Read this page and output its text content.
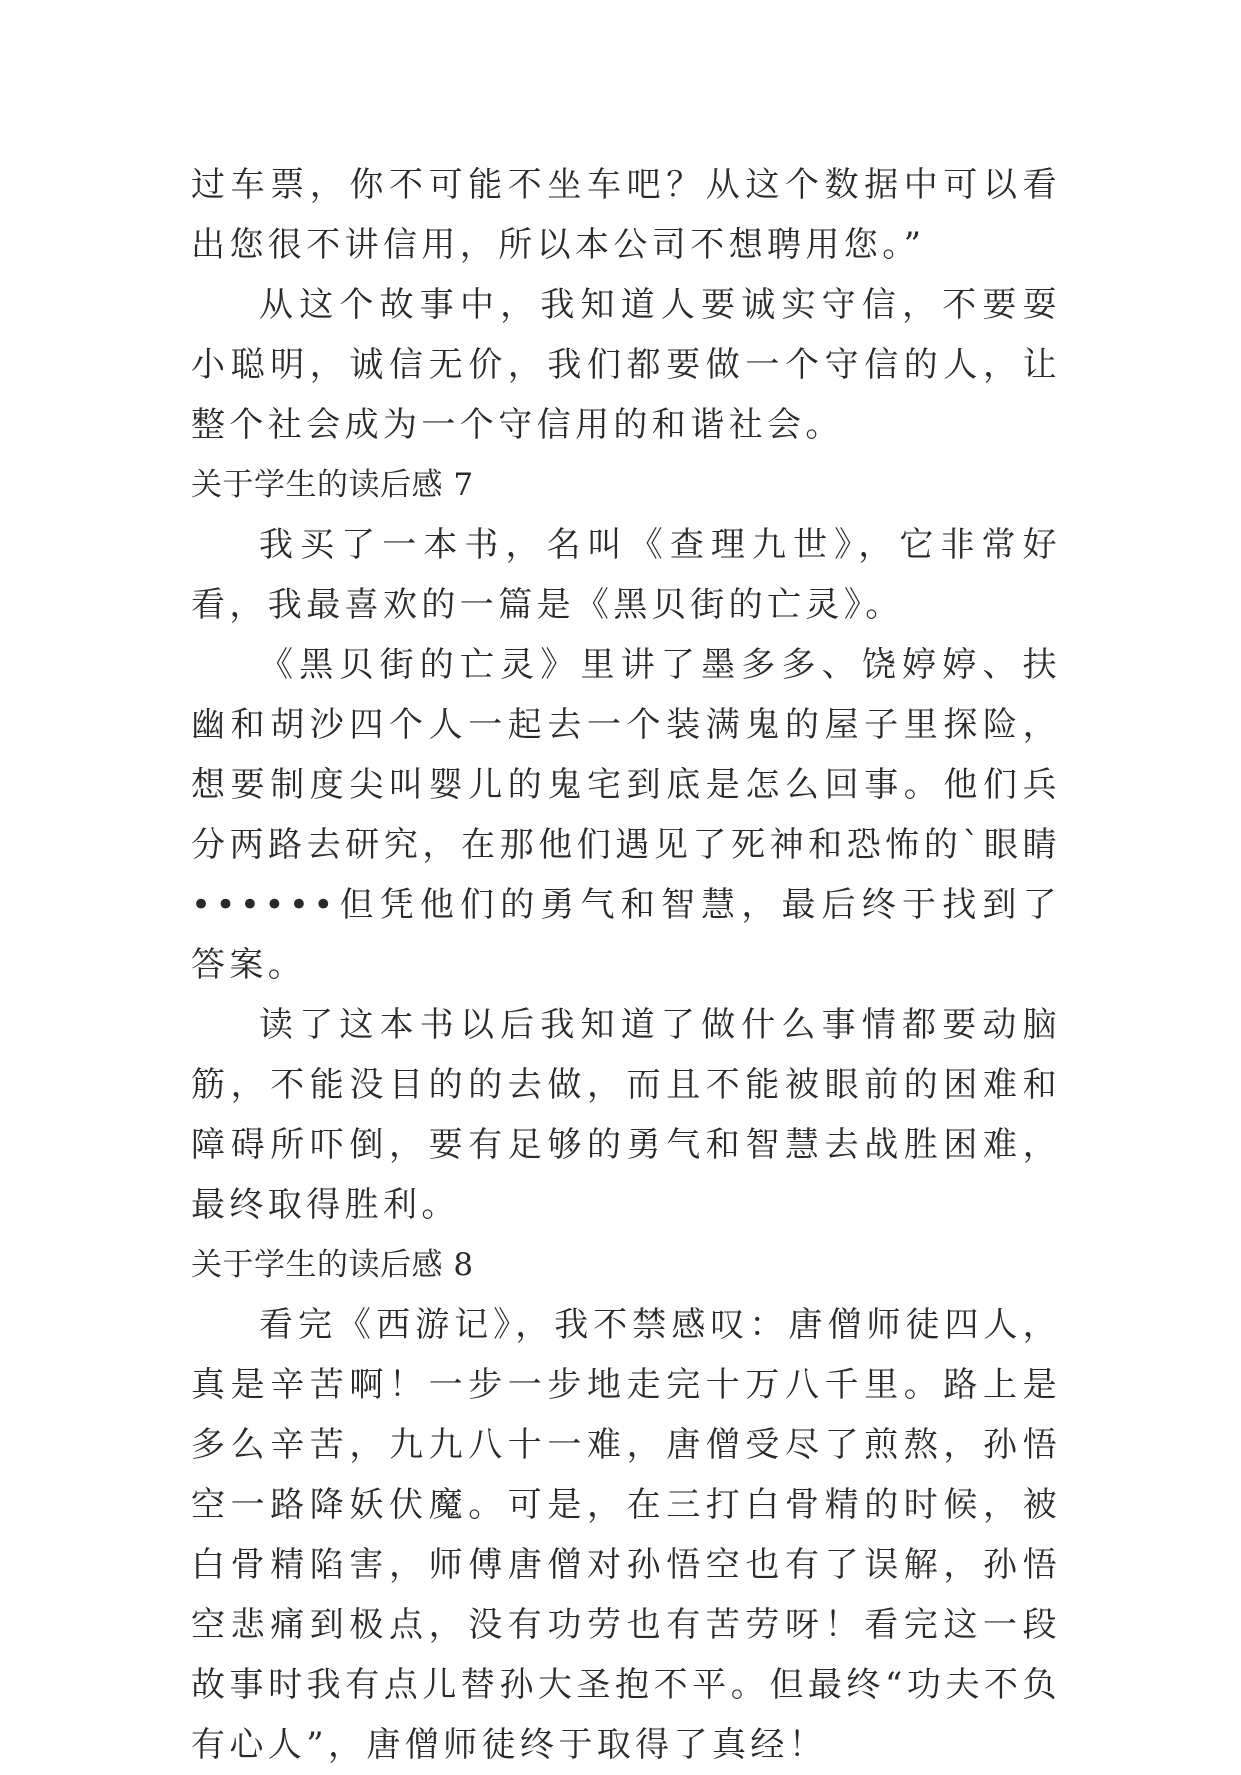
过车票，你不可能不坐车吧？从这个数据中可以看出您很不讲信用，所以本公司不想聘用您。”

从这个故事中，我知道人要诚实守信，不要耍小聪明，诚信无价，我们都要做一个守信的人，让整个社会成为一个守信用的和谐社会。

关于学生的读后感 7

我买了一本书，名叫《查理九世》，它非常好看，我最喜欢的一篇是《黑贝街的亡灵》。

《黑贝街的亡灵》里讲了墨多多、饶婷婷、扶幽和胡沙四个人一起去一个装满鬼的屋子里探险，想要制度尖叫婴儿的鬼宅到底是怎么回事。他们兵分两路去研究，在那他们遇见了死神和恐怖的`眼睛••••••但凭他们的勇气和智慧，最后终于找到了答案。

读了这本书以后我知道了做什么事情都要动脑筋，不能没目的的去做，而且不能被眼前的困难和障碍所吓倒，要有足够的勇气和智慧去战胜困难，最终取得胜利。

关于学生的读后感 8

看完《西游记》，我不禁感叹：唐僧师徒四人，真是辛苦啊！一步一步地走完十万八千里。路上是多么辛苦，九九八十一难，唐僧受尽了煎熬，孙悟空一路降妖伏魔。可是，在三打白骨精的时候，被白骨精陷害，师傅唐僧对孙悟空也有了误解，孙悟空悲痛到极点，没有功劳也有苦劳呀！看完这一段故事时我有点儿替孙大圣抱不平。但最终“功夫不负有心人”，唐僧师徒终于取得了真经！
